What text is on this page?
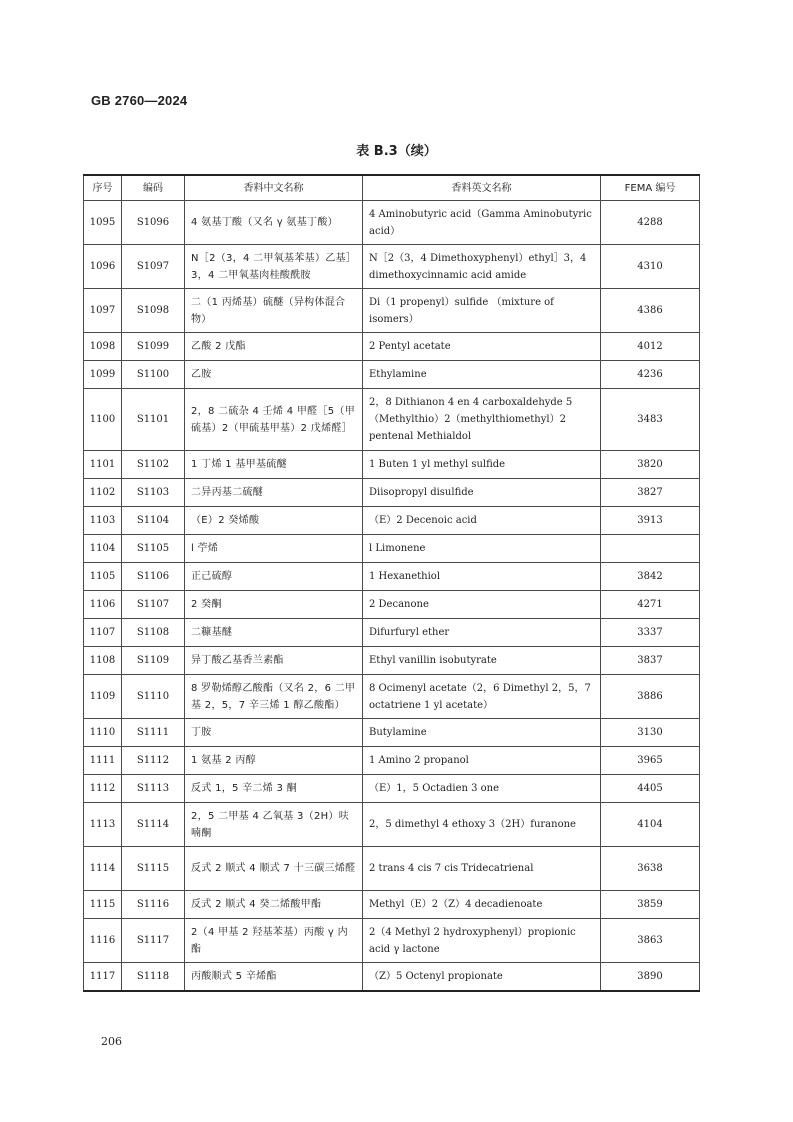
GB 2760—2024
表 B.3（续）
序号	编码	香料中文名称	香料英文名称	FEMA 编号
1095	S1096	4 氨基丁酸（又名 γ 氨基丁酸）	4 Aminobutyric acid（Gamma Aminobutyric acid）	4288
1096	S1097	N［2（3，4 二甲氧基苯基）乙基］3，4 二甲氧基肉桂酸酰胺	N［2（3，4 Dimethoxyphenyl）ethyl］3，4 dimethoxycinnamic acid amide	4310
1097	S1098	二（1 丙烯基）硫醚（异构体混合物）	Di（1 propenyl）sulfide （mixture of isomers）	4386
1098	S1099	乙酸 2 戊酯	2 Pentyl acetate	4012
1099	S1100	乙胺	Ethylamine	4236
1100	S1101	2，8 二硫杂 4 壬烯 4 甲醛［5（甲硫基）2（甲硫基甲基）2 戊烯醛］	2，8 Dithianon 4 en 4 carboxaldehyde 5（Methylthio）2（methylthiomethyl）2 pentenal Methialdol	3483
1101	S1102	1 丁烯 1 基甲基硫醚	1 Buten 1 yl methyl sulfide	3820
1102	S1103	二异丙基二硫醚	Diisopropyl disulfide	3827
1103	S1104	（E）2 癸烯酸	（E）2 Decenoic acid	3913
1104	S1105	l 苧烯	l Limonene	
1105	S1106	正己硫醇	1 Hexanethiol	3842
1106	S1107	2 癸酮	2 Decanone	4271
1107	S1108	二糠基醚	Difurfuryl ether	3337
1108	S1109	异丁酸乙基香兰素酯	Ethyl vanillin isobutyrate	3837
1109	S1110	8 罗勒烯醇乙酸酯（又名 2，6 二甲基 2，5，7 辛三烯 1 醇乙酸酯）	8 Ocimenyl acetate（2，6 Dimethyl 2，5，7 octatriene 1 yl acetate）	3886
1110	S1111	丁胺	Butylamine	3130
1111	S1112	1 氨基 2 丙醇	1 Amino 2 propanol	3965
1112	S1113	反式 1，5 辛二烯 3 酮	（E）1，5 Octadien 3 one	4405
1113	S1114	2，5 二甲基 4 乙氧基 3（2H）呋喃酮	2，5 dimethyl 4 ethoxy 3（2H）furanone	4104
1114	S1115	反式 2 顺式 4 顺式 7 十三碳三烯醛	2 trans 4 cis 7 cis Tridecatrienal	3638
1115	S1116	反式 2 顺式 4 癸二烯酸甲酯	Methyl（E）2（Z）4 decadienoate	3859
1116	S1117	2（4 甲基 2 羟基苯基）丙酸 γ 内酯	2（4 Methyl 2 hydroxyphenyl）propionic acid γ lactone	3863
1117	S1118	丙酸顺式 5 辛烯酯	（Z）5 Octenyl propionate	3890
206
